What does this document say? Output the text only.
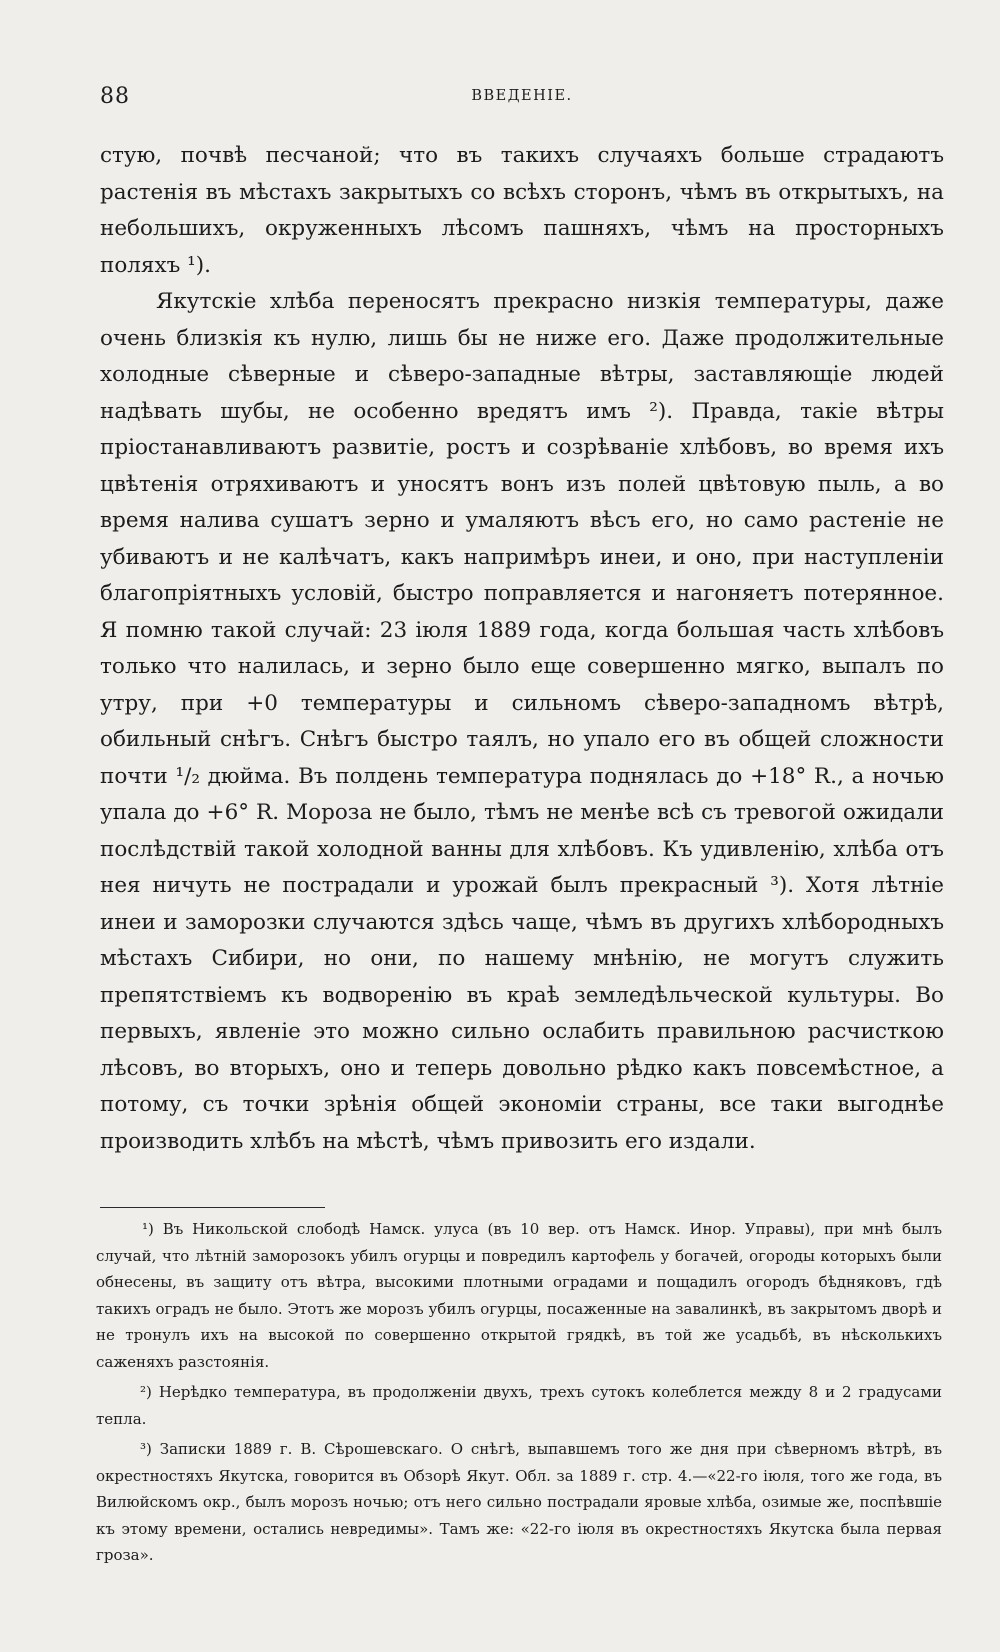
88	ВВЕДЕНІЕ.

стую, почвѣ песчаной; что въ такихъ случаяхъ больше страдаютъ растенія въ мѣстахъ закрытыхъ со всѣхъ сторонъ, чѣмъ въ открытыхъ, на небольшихъ, окруженныхъ лѣсомъ пашняхъ, чѣмъ на просторныхъ поляхъ ¹).

Якутскіе хлѣба переносятъ прекрасно низкія температуры, даже очень близкія къ нулю, лишь бы не ниже его. Даже продолжительные холодные сѣверные и сѣверо-западные вѣтры, заставляющіе людей надѣвать шубы, не особенно вредятъ имъ ²). Правда, такіе вѣтры пріостанавливаютъ развитіе, ростъ и созрѣваніе хлѣбовъ, во время ихъ цвѣтенія отряхиваютъ и уносятъ вонъ изъ полей цвѣтовую пыль, а во время налива сушатъ зерно и умаляютъ вѣсъ его, но само растеніе не убиваютъ и не калѣчатъ, какъ напримѣръ инеи, и оно, при наступленіи благопріятныхъ условій, быстро поправляется и нагоняетъ потерянное. Я помню такой случай: 23 іюля 1889 года, когда большая часть хлѣбовъ только что налилась, и зерно было еще совершенно мягко, выпалъ по утру, при +0 температуры и сильномъ сѣверо-западномъ вѣтрѣ, обильный снѣгъ. Снѣгъ быстро таялъ, но упало его въ общей сложности почти ¹/₂ дюйма. Въ полдень температура поднялась до +18° R., а ночью упала до +6° R. Мороза не было, тѣмъ не менѣе всѣ съ тревогой ожидали послѣдствій такой холодной ванны для хлѣбовъ. Къ удивленію, хлѣба отъ нея ничуть не пострадали и урожай былъ прекрасный ³). Хотя лѣтніе инеи и заморозки случаются здѣсь чаще, чѣмъ въ другихъ хлѣбородныхъ мѣстахъ Сибири, но они, по нашему мнѣнію, не могутъ служить препятствіемъ къ водворенію въ краѣ земледѣльческой культуры. Во первыхъ, явленіе это можно сильно ослабить правильною расчисткою лѣсовъ, во вторыхъ, оно и теперь довольно рѣдко какъ повсемѣстное, а потому, съ точки зрѣнія общей экономіи страны, все таки выгоднѣе производить хлѣбъ на мѣстѣ, чѣмъ привозить его издали.

¹) Въ Никольской слободѣ Намск. улуса (въ 10 вер. отъ Намск. Инор. Управы), при мнѣ былъ случай, что лѣтній заморозокъ убилъ огурцы и повредилъ картофель у богачей, огороды которыхъ были обнесены, въ защиту отъ вѣтра, высокими плотными оградами и пощадилъ огородъ бѣдняковъ, гдѣ такихъ оградъ не было. Этотъ же морозъ убилъ огурцы, посаженные на завалинкѣ, въ закрытомъ дворѣ и не тронулъ ихъ на высокой по совершенно открытой грядкѣ, въ той же усадьбѣ, въ нѣсколькихъ саженяхъ разстоянія.

²) Нерѣдко температура, въ продолженіи двухъ, трехъ сутокъ колеблется между 8 и 2 градусами тепла.

³) Записки 1889 г. В. Сѣрошевскаго. О снѣгѣ, выпавшемъ того же дня при сѣверномъ вѣтрѣ, въ окрестностяхъ Якутска, говорится въ Обзорѣ Якут. Обл. за 1889 г. стр. 4.—«22-го іюля, того же года, въ Вилюйскомъ окр., былъ морозъ ночью; отъ него сильно пострадали яровые хлѣба, озимые же, поспѣвшіе къ этому времени, остались невредимы». Тамъ же: «22-го іюля въ окрестностяхъ Якутска была первая гроза».
